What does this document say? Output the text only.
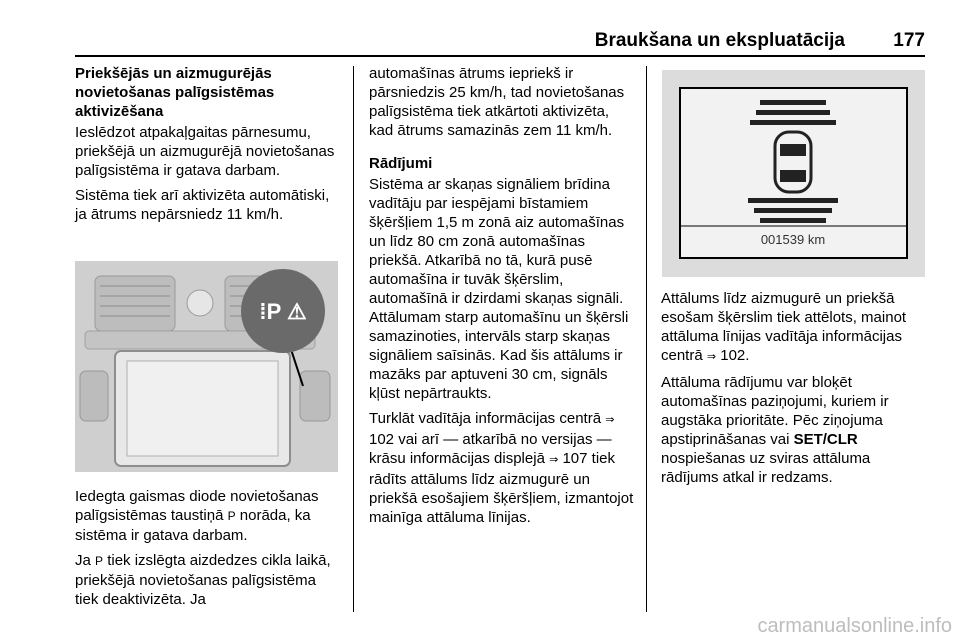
Braukšana un ekspluatācija	177
Priekšējās un aizmugurējās novietošanas palīgsistēmas aktivizēšana

Ieslēdzot atpakaļgaitas pārnesumu, priekšējā un aizmugurējā novietošanas palīgsistēma ir gatava darbam.

Sistēma tiek arī aktivizēta automātiski, ja ātrums nepārsniedz 11 km/h.

⁞P ⚠

Iedegta gaismas diode novietošanas palīgsistēmas taustiņā P norāda, ka sistēma ir gatava darbam.

Ja P tiek izslēgta aizdedzes cikla laikā, priekšējā novietošanas palīgsistēma tiek deaktivizēta. Ja

automašīnas ātrums iepriekš ir pārsniedzis 25 km/h, tad novietošanas palīgsistēma tiek atkārtoti aktivizēta, kad ātrums samazinās zem 11 km/h.

Rādījumi

Sistēma ar skaņas signāliem brīdina vadītāju par iespējami bīstamiem šķēršļiem 1,5 m zonā aiz automašīnas un līdz 80 cm zonā automašīnas priekšā. Atkarībā no tā, kurā pusē automašīna ir tuvāk šķērslim, automašīnā ir dzirdami skaņas signāli. Attālumam starp automašīnu un šķērsli samazinoties, intervāls starp skaņas signāliem saīsinās. Kad šis attālums ir mazāks par aptuveni 30 cm, signāls kļūst nepārtraukts.

Turklāt vadītāja informācijas centrā ⇒ 102 vai arī — atkarībā no versijas — krāsu informācijas displejā ⇒ 107 tiek rādīts attālums līdz aizmugurē un priekšā esošajiem šķēršļiem, izmantojot mainīga attāluma līnijas.

001539 km

Attālums līdz aizmugurē un priekšā esošam šķērslim tiek attēlots, mainot attāluma līnijas vadītāja informācijas centrā ⇒ 102.

Attāluma rādījumu var bloķēt automašīnas paziņojumi, kuriem ir augstāka prioritāte. Pēc ziņojuma apstiprināšanas vai SET/CLR nospiešanas uz sviras attāluma rādījums atkal ir redzams.

carmanualsonline.info
